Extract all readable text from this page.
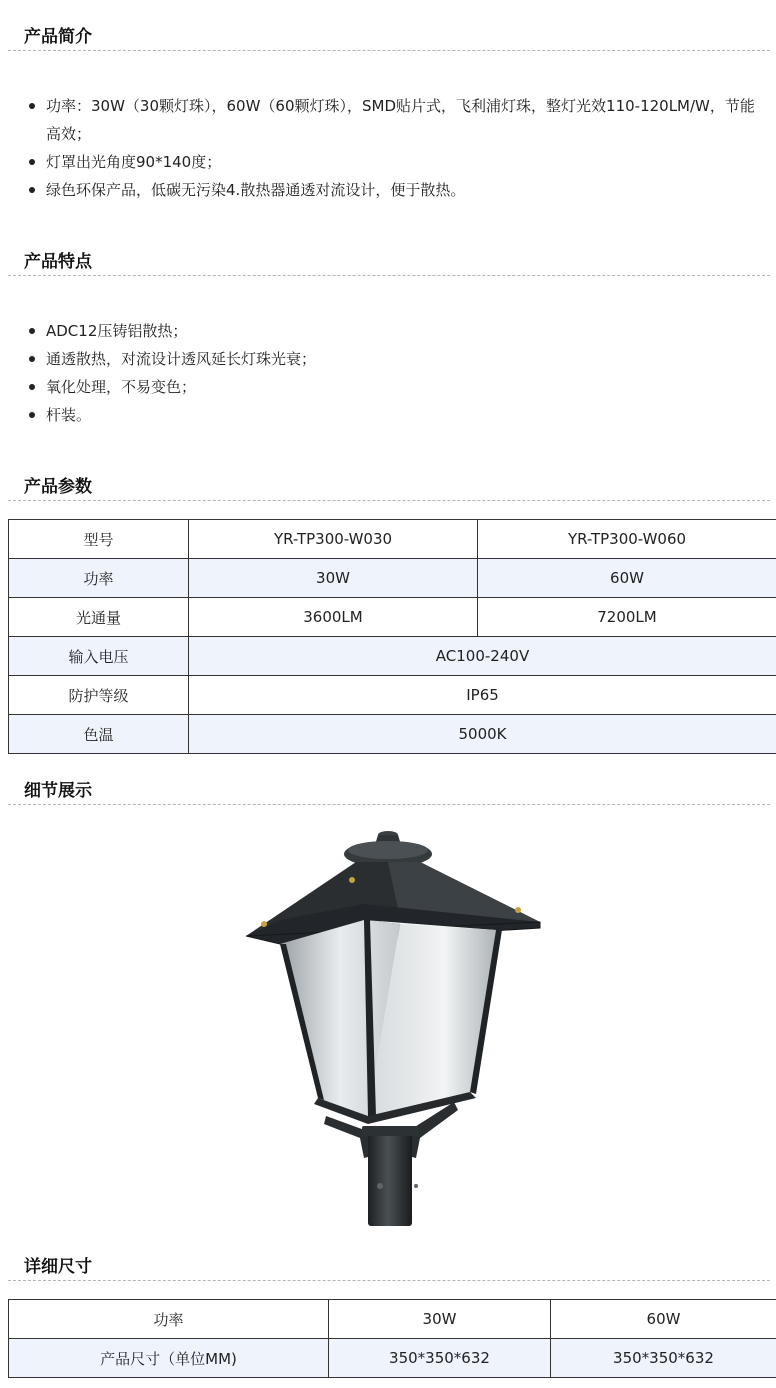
产品简介
功率：30W（30颗灯珠），60W（60颗灯珠），SMD贴片式，飞利浦灯珠，整灯光效110-120LM/W，节能高效；
灯罩出光角度90*140度；
绿色环保产品，低碳无污染4.散热器通透对流设计，便于散热。
产品特点
ADC12压铸铝散热；
通透散热，对流设计透风延长灯珠光衰；
氧化处理，不易变色；
杆装。
产品参数
型号	YR-TP300-W030	YR-TP300-W060
功率	30W	60W
光通量	3600LM	7200LM
输入电压	AC100-240V	
防护等级	IP65	
色温	5000K	
细节展示
详细尺寸
功率	30W	60W
产品尺寸（单位MM)	350*350*632	350*350*632
